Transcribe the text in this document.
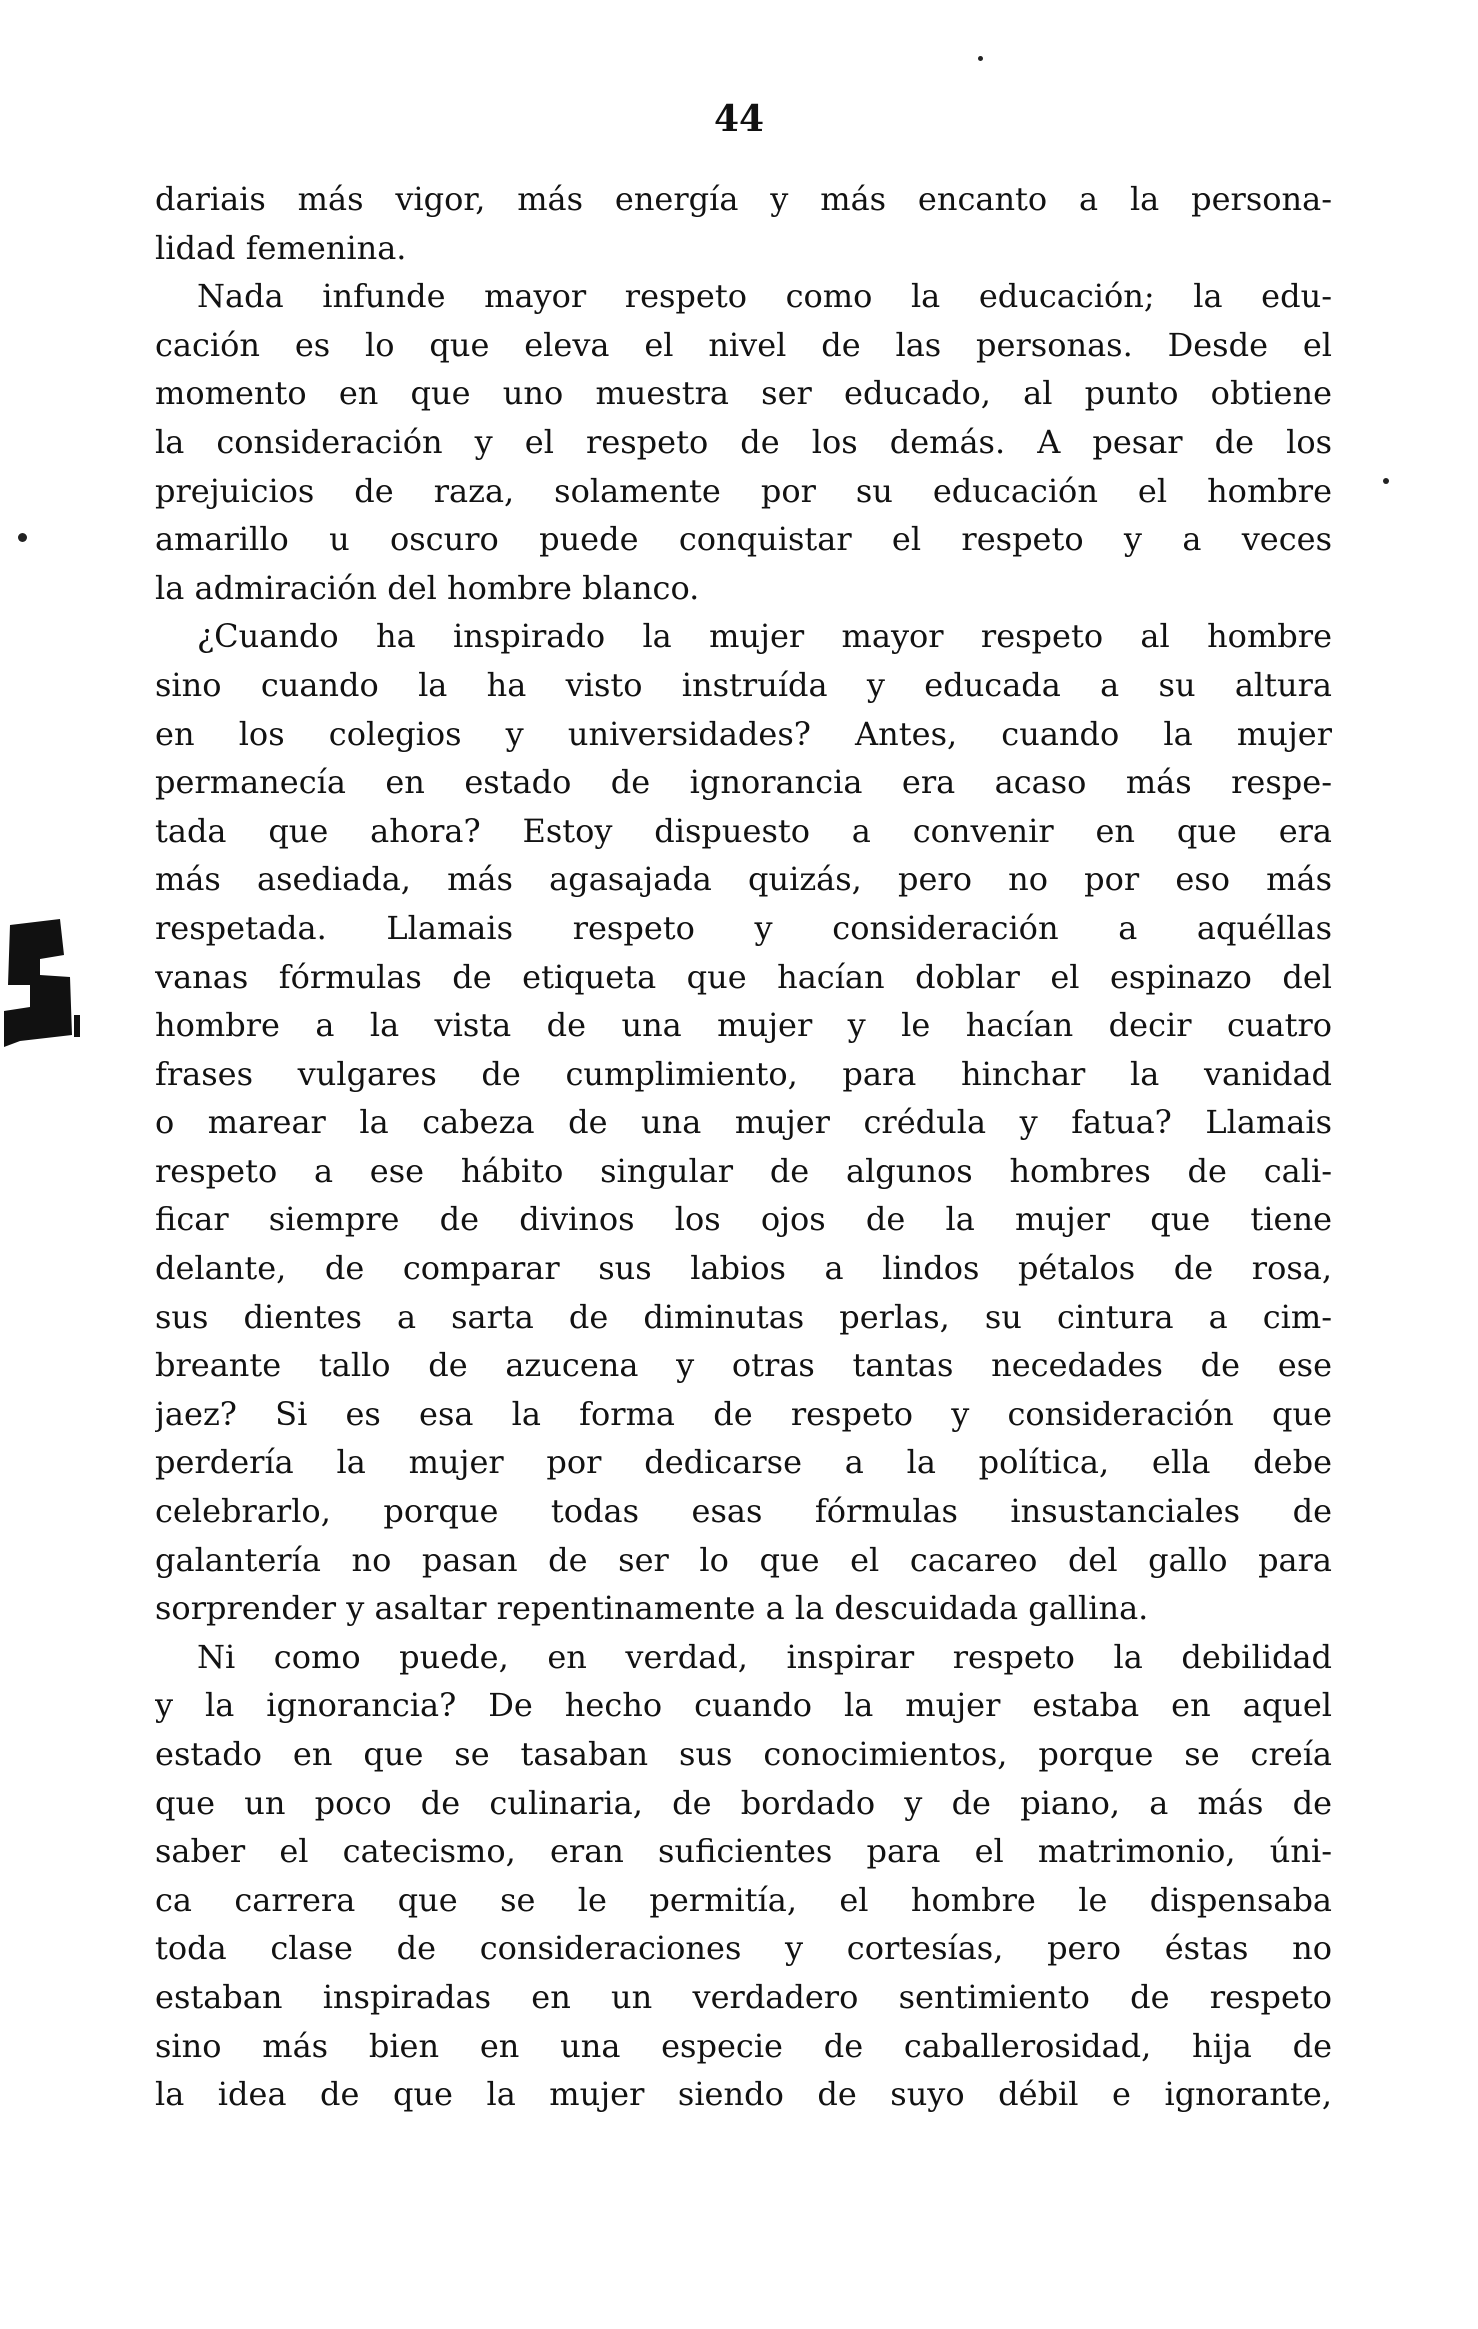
44
dariais más vigor, más energía y más encanto a la persona-
lidad femenina.
Nada infunde mayor respeto como la educación; la edu-
cación es lo que eleva el nivel de las personas. Desde el
momento en que uno muestra ser educado, al punto obtiene
la consideración y el respeto de los demás. A pesar de los
prejuicios de raza, solamente por su educación el hombre
amarillo u oscuro puede conquistar el respeto y a veces
la admiración del hombre blanco.
¿Cuando ha inspirado la mujer mayor respeto al hombre
sino cuando la ha visto instruída y educada a su altura
en los colegios y universidades? Antes, cuando la mujer
permanecía en estado de ignorancia era acaso más respe-
tada que ahora? Estoy dispuesto a convenir en que era
más asediada, más agasajada quizás, pero no por eso más
respetada. Llamais respeto y consideración a aquéllas
vanas fórmulas de etiqueta que hacían doblar el espinazo del
hombre a la vista de una mujer y le hacían decir cuatro
frases vulgares de cumplimiento, para hinchar la vanidad
o marear la cabeza de una mujer crédula y fatua? Llamais
respeto a ese hábito singular de algunos hombres de cali-
ficar siempre de divinos los ojos de la mujer que tiene
delante, de comparar sus labios a lindos pétalos de rosa,
sus dientes a sarta de diminutas perlas, su cintura a cim-
breante tallo de azucena y otras tantas necedades de ese
jaez? Si es esa la forma de respeto y consideración que
perdería la mujer por dedicarse a la política, ella debe
celebrarlo, porque todas esas fórmulas insustanciales de
galantería no pasan de ser lo que el cacareo del gallo para
sorprender y asaltar repentinamente a la descuidada gallina.
Ni como puede, en verdad, inspirar respeto la debilidad
y la ignorancia? De hecho cuando la mujer estaba en aquel
estado en que se tasaban sus conocimientos, porque se creía
que un poco de culinaria, de bordado y de piano, a más de
saber el catecismo, eran suficientes para el matrimonio, úni-
ca carrera que se le permitía, el hombre le dispensaba
toda clase de consideraciones y cortesías, pero éstas no
estaban inspiradas en un verdadero sentimiento de respeto
sino más bien en una especie de caballerosidad, hija de
la idea de que la mujer siendo de suyo débil e ignorante,
